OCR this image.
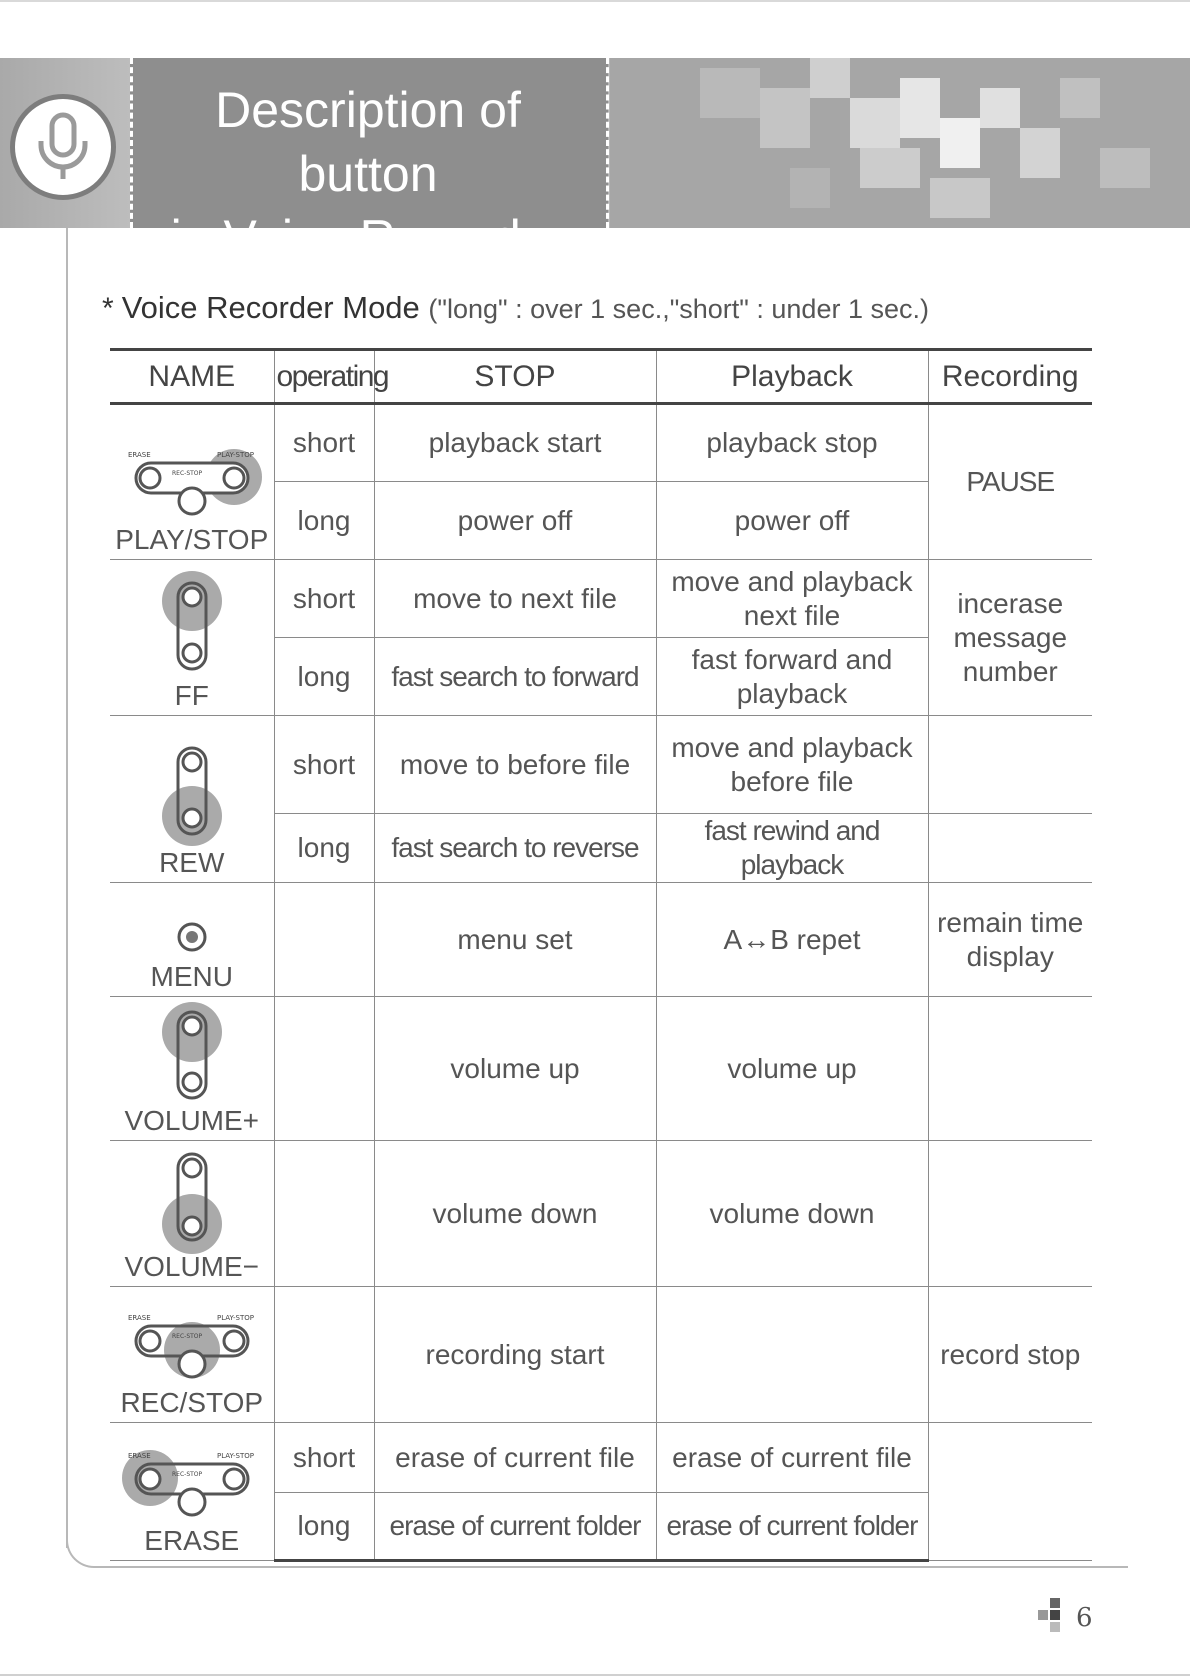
Description of button
in Voice Recorder
* Voice Recorder Mode ("long" : over 1 sec.,"short" : under 1 sec.)
NAME	operating	STOP	Playback	Recording

ERASE PLAY-STOP
REC-STOP
PLAY/STOP	short	playback start	playback stop	PAUSE
	long	power off	power off	

FF	short	move to next file	move and playback next file	incerase message number
	long	fast search to forward	fast forward and playback	

REW	short	move to before file	move and playback before file	
	long	fast search to reverse	fast rewind and playback	

MENU		menu set	A↔B repet	remain time display

VOLUME+		volume up	volume up	

VOLUME−		volume down	volume down	

ERASE PLAY-STOP
REC-STOP
REC/STOP		recording start		record stop

ERASE PLAY-STOP
REC-STOP
ERASE	short	erase of current file	erase of current file	
	long	erase of current folder	erase of current folder	
6
